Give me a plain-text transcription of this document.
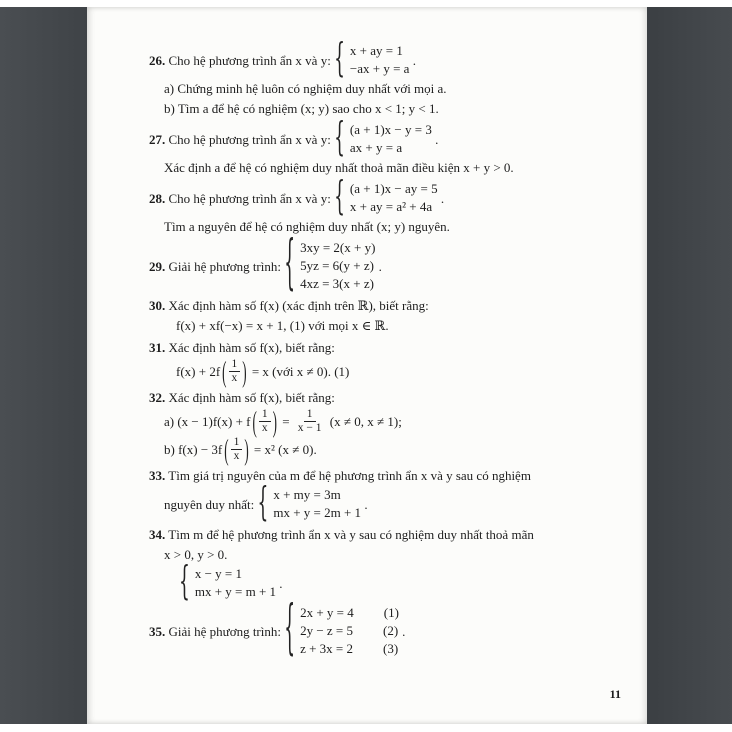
26. Cho hệ phương trình ẩn x và y: { x + ay = 1
−ax + y = a
.
a) Chứng minh hệ luôn có nghiệm duy nhất với mọi a.
b) Tìm a để hệ có nghiệm (x; y) sao cho x < 1; y < 1.
27. Cho hệ phương trình ẩn x và y: { (a + 1)x − y = 3
ax + y = a
.
Xác định a để hệ có nghiệm duy nhất thoả mãn điều kiện x + y > 0.
28. Cho hệ phương trình ẩn x và y: { (a + 1)x − ay = 5
x + ay = a² + 4a
.
Tìm a nguyên để hệ có nghiệm duy nhất (x; y) nguyên.
29. Giải hệ phương trình: { 3xy = 2(x + y)
5yz = 6(y + z)
4xz = 3(x + z)
.
30. Xác định hàm số f(x) (xác định trên ℝ), biết rằng:
f(x) + xf(−x) = x + 1, (1) với mọi x ∈ ℝ.
31. Xác định hàm số f(x), biết rằng:
f(x) + 2f ( $\frac{1}{x}$ ) = x (với x ≠ 0). (1)
32. Xác định hàm số f(x), biết rằng:
a) (x − 1)f(x) + f ( $\frac{1}{x}$ ) = $\frac{1}{x - 1} (x \ne 0$, x ≠ 1);
b) f(x) − 3f ( $\frac{1}{x}$ ) = x² (x ≠ 0).
33. Tìm giá trị nguyên của m để hệ phương trình ẩn x và y sau có nghiệm
nguyên duy nhất: { x + my = 3m
mx + y = 2m + 1
.
34. Tìm m để hệ phương trình ẩn x và y sau có nghiệm duy nhất thoả mãn
x > 0, y > 0.
{ x − y = 1
mx + y = m + 1
.
35. Giải hệ phương trình: { 2x + y = 4 (1)
2y − z = 5 (2)
z + 3x = 2 (3)
.
11
